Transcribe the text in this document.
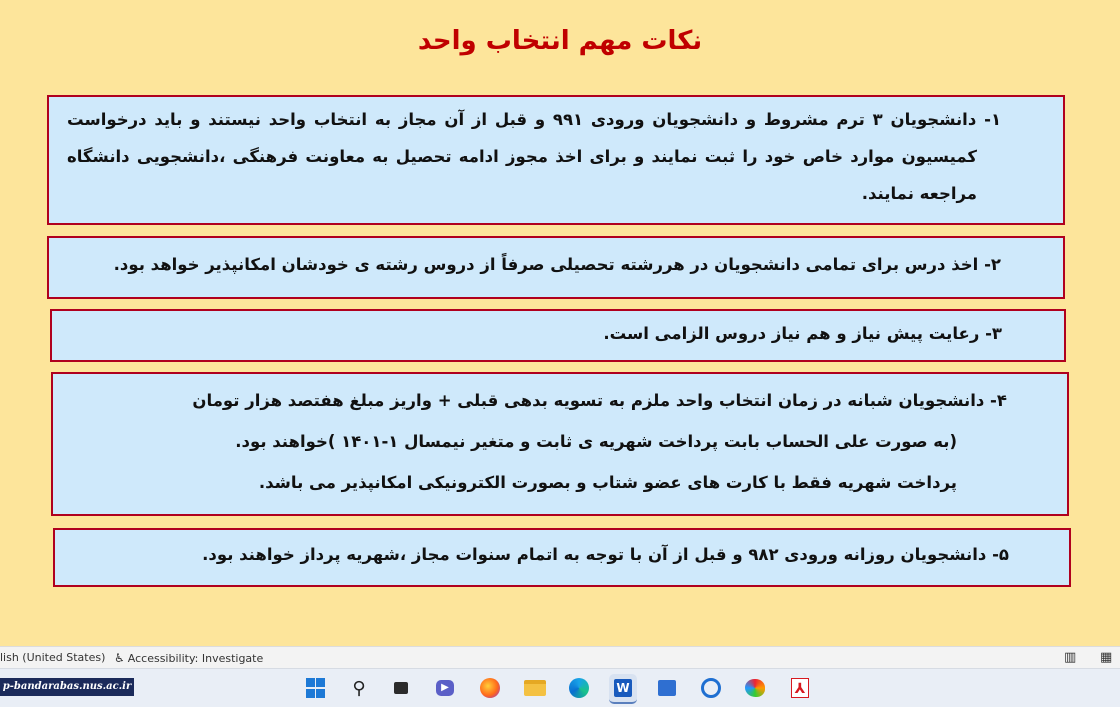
نکات مهم انتخاب واحد
۱- دانشجویان ۳ ترم مشروط و دانشجویان ورودی ۹۹۱ و قبل از آن مجاز به انتخاب واحد نیستند و باید درخواست
کمیسیون موارد خاص خود را ثبت نمایند و برای اخذ مجوز ادامه تحصیل به معاونت فرهنگی ،دانشجویی دانشگاه
مراجعه نمایند.
۲- اخذ درس برای تمامی دانشجویان در هررشته تحصیلی صرفاً از دروس رشته ی خودشان امکانپذیر خواهد بود.
۳- رعایت پیش نیاز و هم نیاز دروس الزامی است.
۴- دانشجویان شبانه در زمان انتخاب واحد ملزم به تسویه بدهی قبلی + واریز مبلغ هفتصد هزار تومان
(به صورت علی الحساب بابت پرداخت شهریه ی ثابت و متغیر نیمسال ۱-۱۴۰۱ )خواهند بود.
پرداخت شهریه فقط با کارت های عضو شتاب و بصورت الکترونیکی امکانپذیر می باشد.
۵- دانشجویان روزانه ورودی ۹۸۲ و قبل از آن با توجه به اتمام سنوات مجاز ،شهریه پرداز خواهند بود.
lish (United States) ♿ Accessibility: Investigate	▥ ▦
p-bandarabas.nus.ac.ir	⚲	▶	W	⅄
